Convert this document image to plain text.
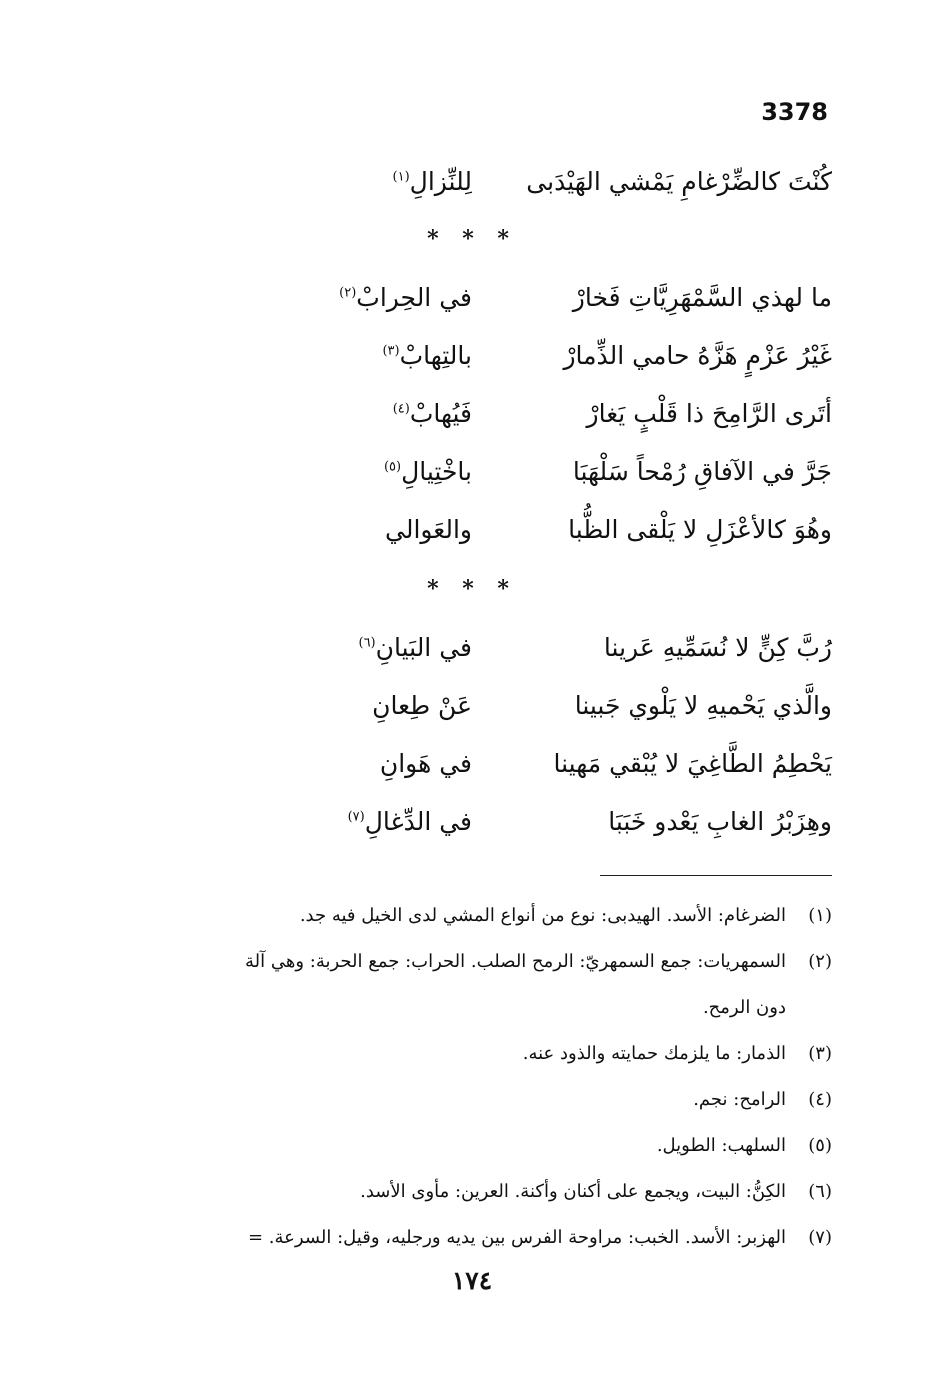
3378
كُنْتَ كالضِّرْغامِ يَمْشي الهَيْدَبى
لِلنِّزالِ$^{(١)}$
* * *
ما لهذي السَّمْهَرِيَّاتِ فَخارْ
في الحِرابْ$^{(٢)}$
غَيْرُ عَزْمٍ هَزَّهُ حامي الذِّمارْ
بالتِهابْ$^{(٣)}$
أتَرى الرَّامِحَ ذا قَلْبٍ يَغارْ
فَيُهابْ$^{(٤)}$
جَرَّ في الآفاقِ رُمْحاً سَلْهَبَا
باخْتِيالِ$^{(٥)}$
وهُوَ كالأعْزَلِ لا يَلْقى الظُّبا
والعَوالي
* * *
رُبَّ كِنٍّ لا نُسَمِّيهِ عَرينا
في البَيانِ$^{(٦)}$
والَّذي يَحْميهِ لا يَلْوي جَبينا
عَنْ طِعانِ
يَحْطِمُ الطَّاغِيَ لا يُبْقي مَهينا
في هَوانِ
وهِزَبْرُ الغابِ يَعْدو خَبَبَا
في الدِّغالِ$^{(٧)}$
(١)
الضرغام: الأسد. الهيدبى: نوع من أنواع المشي لدى الخيل فيه جد.
(٢)
السمهريات: جمع السمهريّ: الرمح الصلب. الحراب: جمع الحربة: وهي آلة
دون الرمح.
(٣)
الذمار: ما يلزمك حمايته والذود عنه.
(٤)
الرامح: نجم.
(٥)
السلهب: الطويل.
(٦)
الكِنُّ: البيت، ويجمع على أكنان وأكنة. العرين: مأوى الأسد.
(٧)
الهزبر: الأسد. الخبب: مراوحة الفرس بين يديه ورجليه، وقيل: السرعة. =
١٧٤
